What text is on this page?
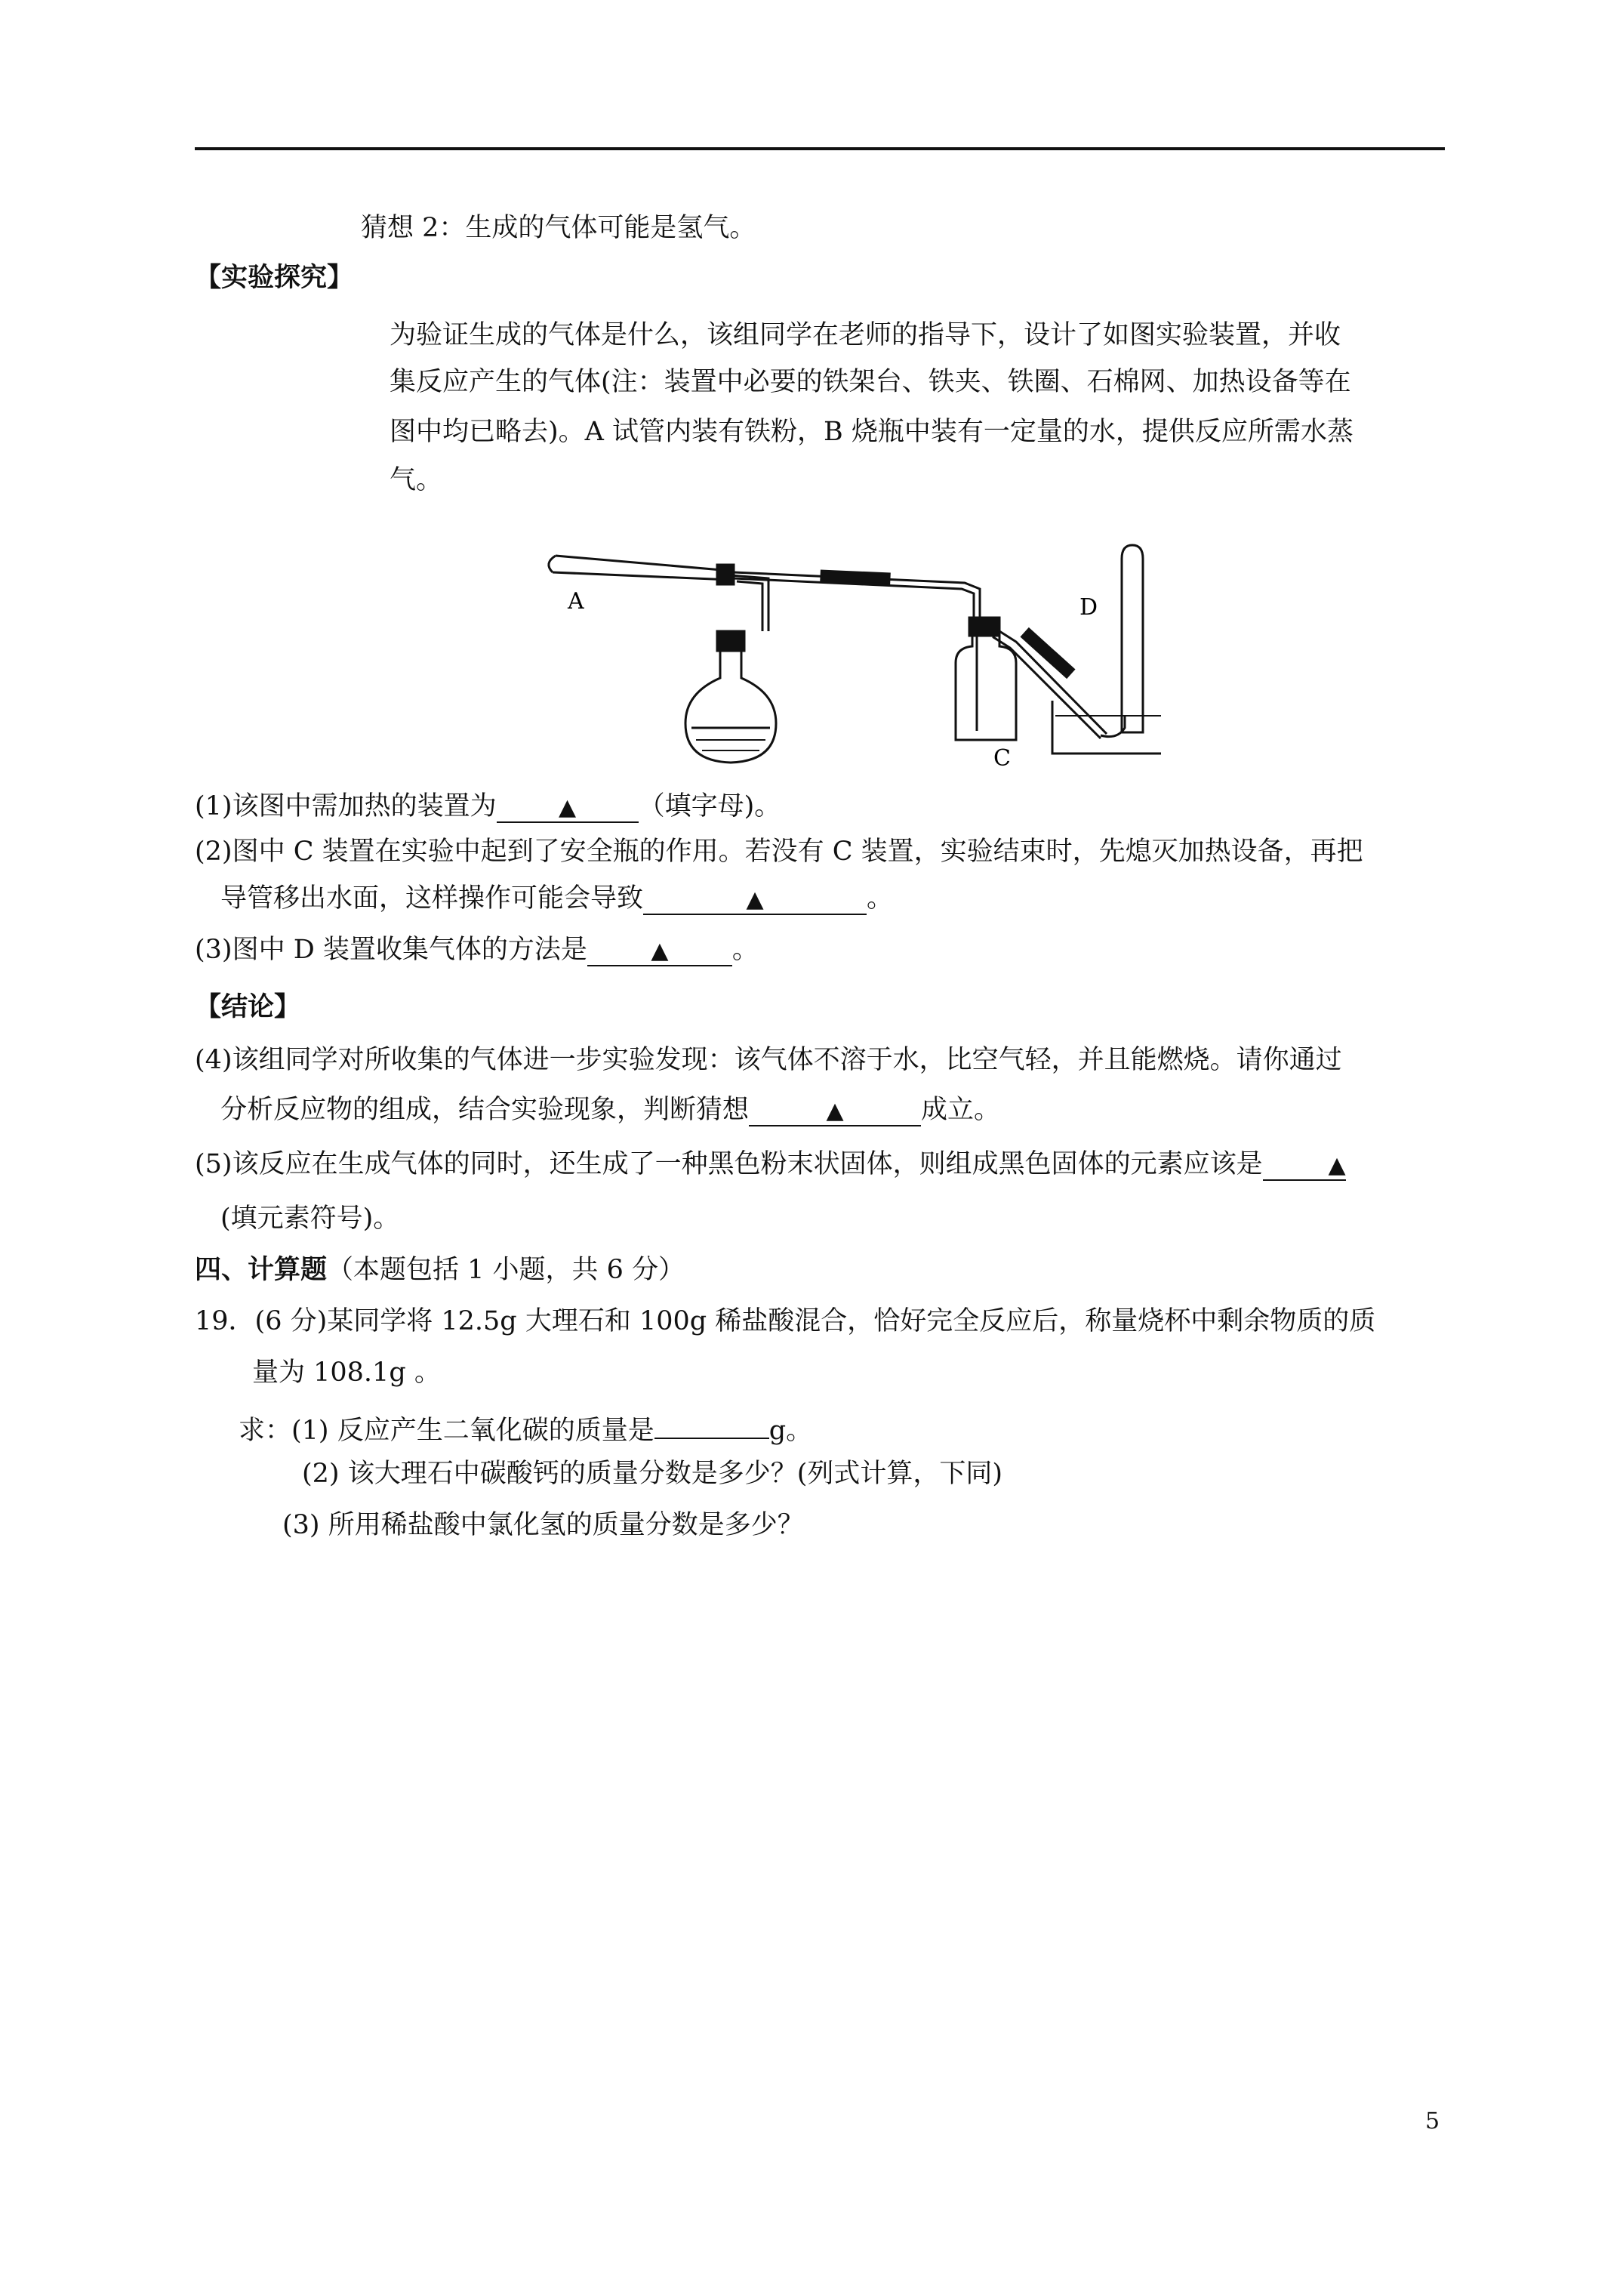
猜想 2：生成的气体可能是氢气。
【实验探究】
为验证生成的气体是什么，该组同学在老师的指导下，设计了如图实验装置，并收
集反应产生的气体(注：装置中必要的铁架台、铁夹、铁圈、石棉网、加热设备等在
图中均已略去)。A 试管内装有铁粉，B 烧瓶中装有一定量的水，提供反应所需水蒸
气。
A
C
D
(1)该图中需加热的装置为	▲ （填字母)。
(2)图中 C 装置在实验中起到了安全瓶的作用。若没有 C 装置，实验结束时，先熄灭加热设备，再把
导管移出水面，这样操作可能会导致	▲	。
(3)图中 D 装置收集气体的方法是	▲ 。
【结论】
(4)该组同学对所收集的气体进一步实验发现：该气体不溶于水，比空气轻，并且能燃烧。请你通过
分析反应物的组成，结合实验现象，判断猜想	▲	成立。
(5)该反应在生成气体的同时，还生成了一种黑色粉末状固体，则组成黑色固体的元素应该是	▲
(填元素符号)。
四、计算题（本题包括 1 小题，共 6 分）
19．(6 分)某同学将 12.5g 大理石和 100g 稀盐酸混合，恰好完全反应后，称量烧杯中剩余物质的质
量为 108.1g 。
求：(1) 反应产生二氧化碳的质量是	g。
(2) 该大理石中碳酸钙的质量分数是多少？(列式计算，下同)
(3) 所用稀盐酸中氯化氢的质量分数是多少？
5
